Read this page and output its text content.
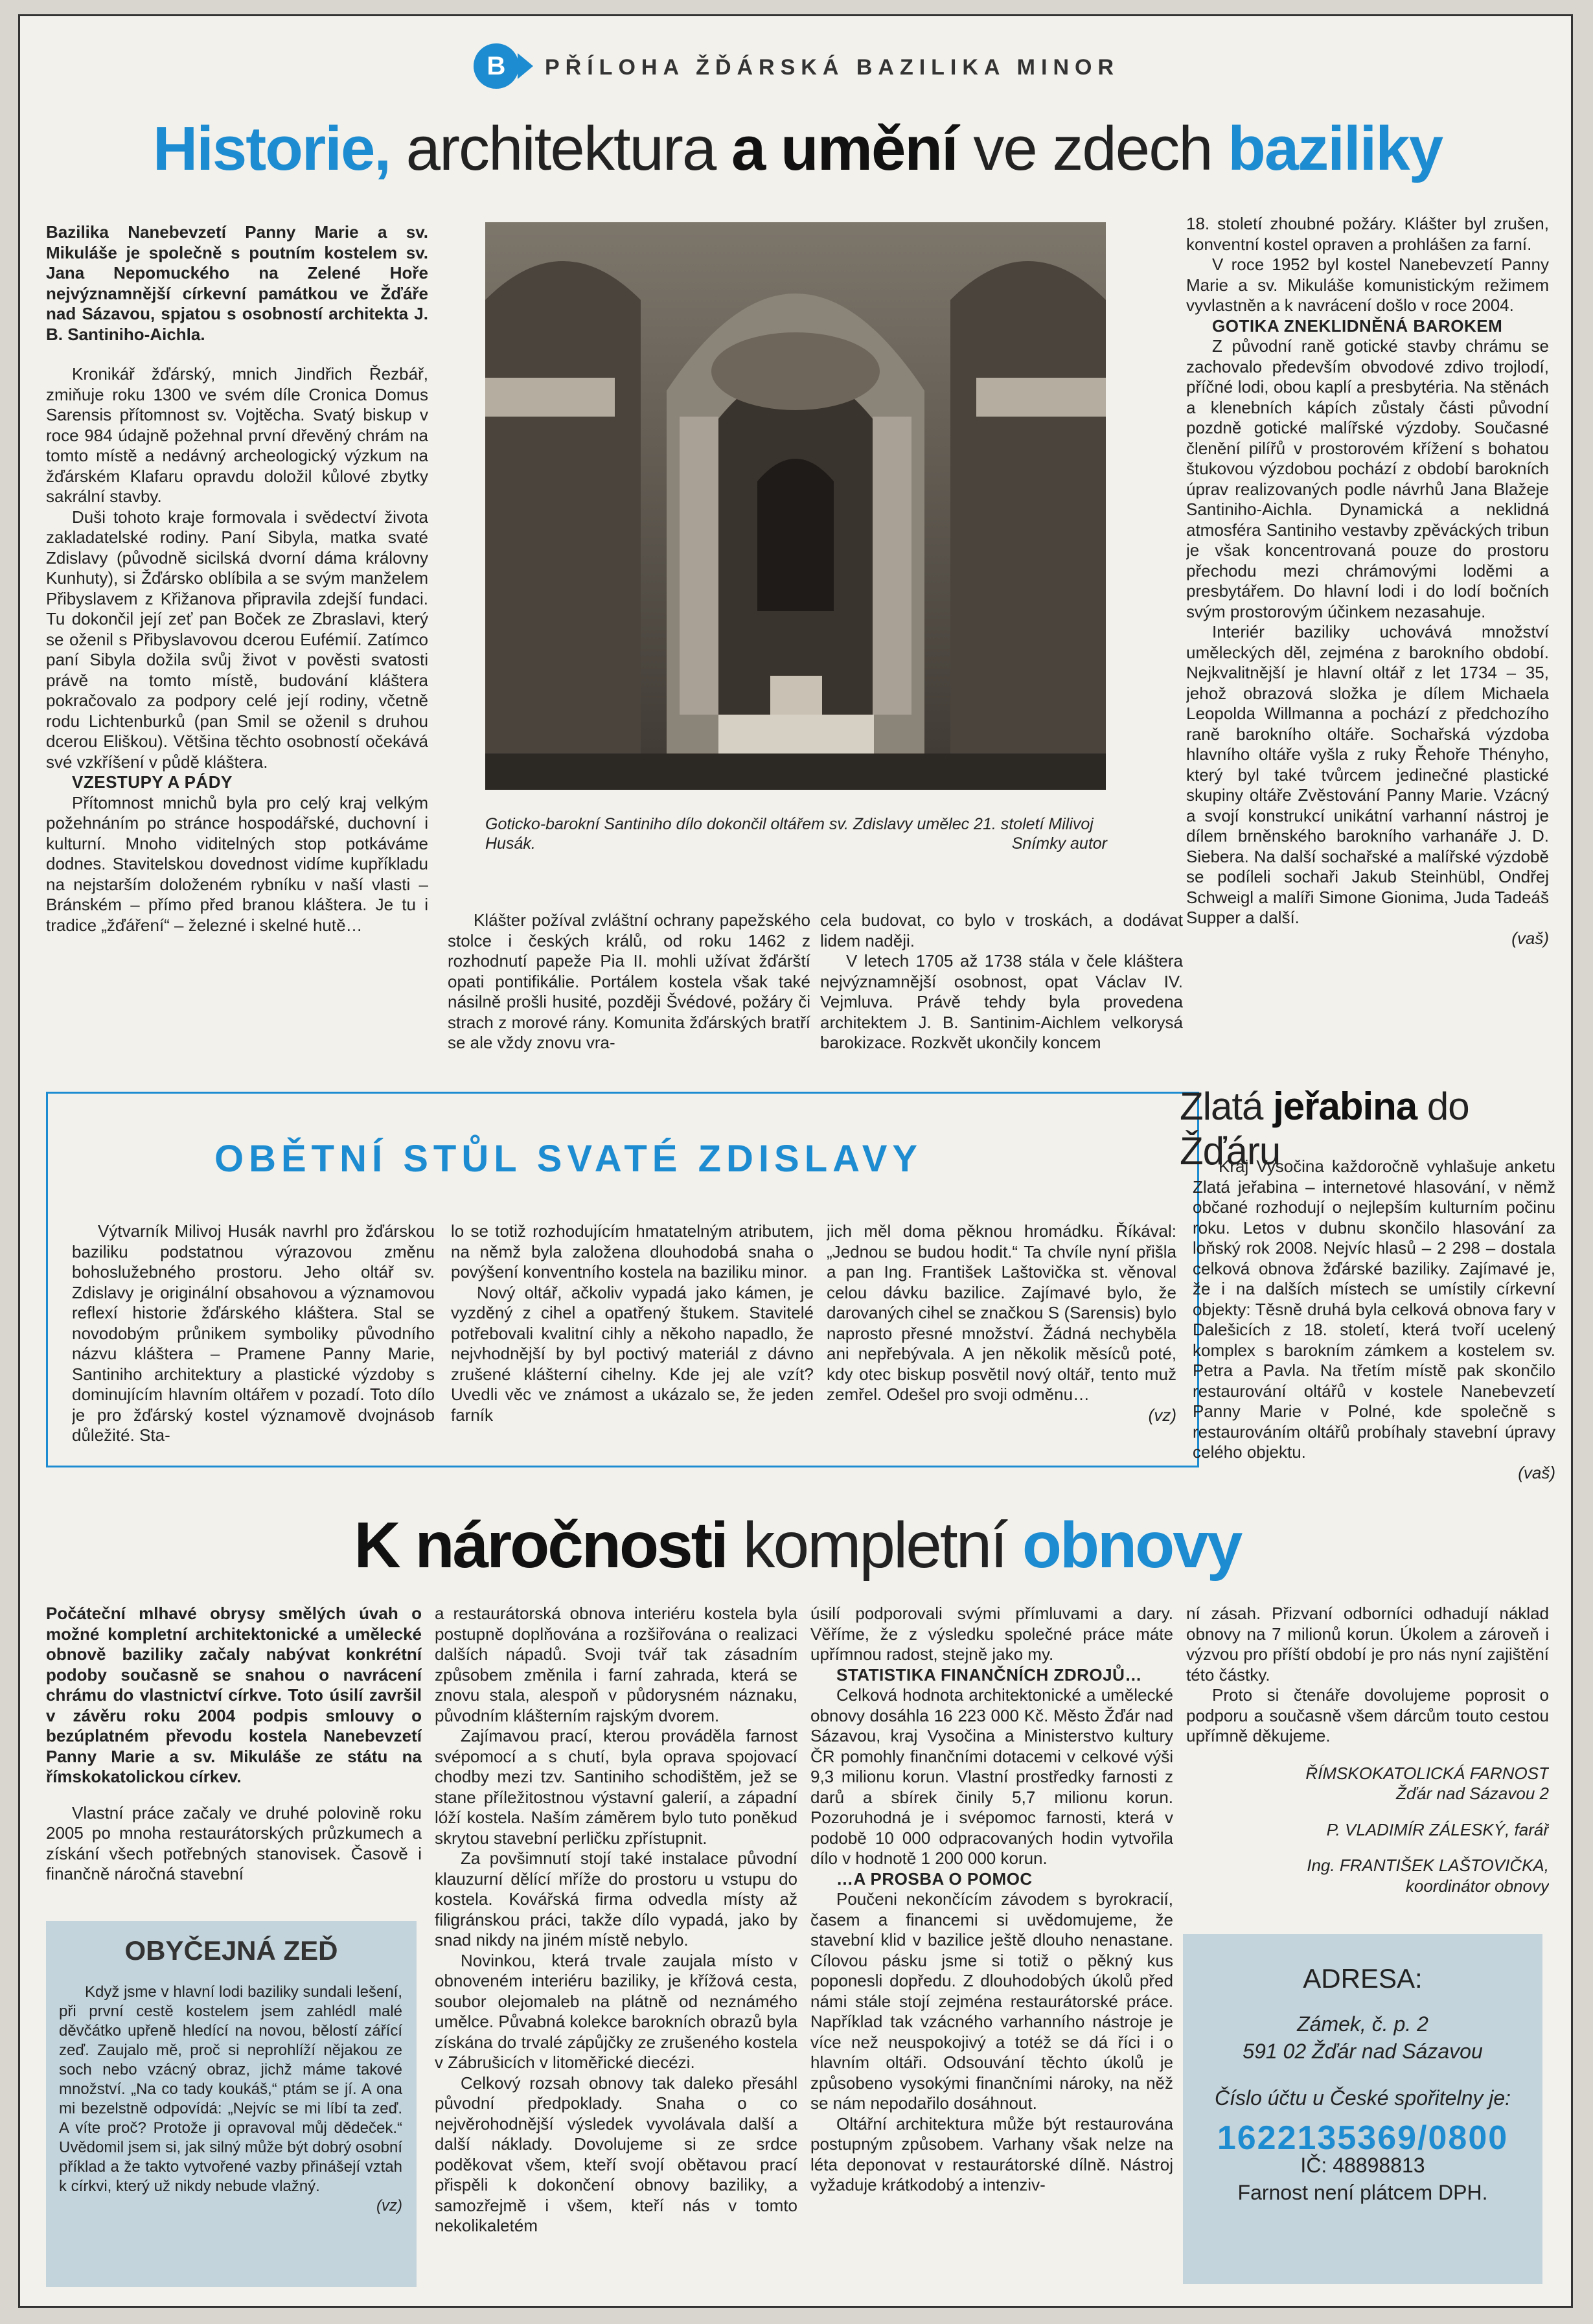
B	PŘÍLOHA ŽĎÁRSKÁ BAZILIKA MINOR
Historie, architektura a umění ve zdech baziliky

Bazilika Nanebevzetí Panny Marie a sv. Mikuláše je společně s poutním kostelem sv. Jana Nepomuckého na Zelené Hoře nejvýznamnější církevní památkou ve Žďáře nad Sázavou, spjatou s osobností architekta J. B. Santiniho-Aichla.

Kronikář žďárský, mnich Jindřich Řezbář, zmiňuje roku 1300 ve svém díle Cronica Domus Sarensis přítomnost sv. Vojtěcha. Svatý biskup v roce 984 údajně požehnal první dřevěný chrám na tomto místě a nedávný archeologický výzkum na žďárském Klafaru opravdu doložil kůlové zbytky sakrální stavby.

Duši tohoto kraje formovala i svědectví života zakladatelské rodiny. Paní Sibyla, matka svaté Zdislavy (původně sicilská dvorní dáma královny Kunhuty), si Žďársko oblíbila a se svým manželem Přibyslavem z Křižanova připravila zdejší fundaci. Tu dokončil její zeť pan Boček ze Zbraslavi, který se oženil s Přibyslavovou dcerou Eufémií. Zatímco paní Sibyla dožila svůj život v pověsti svatosti právě na tomto místě, budování kláštera pokračovalo za podpory celé její rodiny, včetně rodu Lichtenburků (pan Smil se oženil s druhou dcerou Eliškou). Většina těchto osobností očekává své vzkříšení v půdě kláštera.

VZESTUPY A PÁDY

Přítomnost mnichů byla pro celý kraj velkým požehnáním po stránce hospodářské, duchovní i kulturní. Mnoho viditelných stop potkáváme dodnes. Stavitelskou dovednost vidíme kupříkladu na nejstarším doloženém rybníku v naší vlasti – Bránském – přímo před branou kláštera. Je tu i tradice „žďáření“ – železné i skelné hutě…

Goticko-barokní Santiniho dílo dokončil oltářem sv. Zdislavy umělec 21. století Milivoj Husák.	Snímky autor

Klášter požíval zvláštní ochrany papežského stolce i českých králů, od roku 1462 z rozhodnutí papeže Pia II. mohli užívat žďárští opati pontifikálie. Portálem kostela však také násilně prošli husité, později Švédové, požáry či strach z morové rány. Komunita žďárských bratří se ale vždy znovu vra-

cela budovat, co bylo v troskách, a dodávat lidem naději.

V letech 1705 až 1738 stála v čele kláštera nejvýznamnější osobnost, opat Václav IV. Vejmluva. Právě tehdy byla provedena architektem J. B. Santinim-Aichlem velkorysá barokizace. Rozkvět ukončily koncem

18. století zhoubné požáry. Klášter byl zrušen, konventní kostel opraven a prohlášen za farní.

V roce 1952 byl kostel Nanebevzetí Panny Marie a sv. Mikuláše komunistickým režimem vyvlastněn a k navrácení došlo v roce 2004.

GOTIKA ZNEKLIDNĚNÁ BAROKEM

Z původní raně gotické stavby chrámu se zachovalo především obvodové zdivo trojlodí, příčné lodi, obou kaplí a presbytéria. Na stěnách a klenebních kápích zůstaly části původní pozdně gotické malířské výzdoby. Současné členění pilířů v prostorovém křížení s bohatou štukovou výzdobou pochází z období barokních úprav realizovaných podle návrhů Jana Blažeje Santiniho-Aichla. Dynamická a neklidná atmosféra Santiniho vestavby zpěváckých tribun je však koncentrovaná pouze do prostoru přechodu mezi chrámovými loděmi a presbytářem. Do hlavní lodi i do lodí bočních svým prostorovým účinkem nezasahuje.

Interiér baziliky uchovává množství uměleckých děl, zejména z barokního období. Nejkvalitnější je hlavní oltář z let 1734 – 35, jehož obrazová složka je dílem Michaela Leopolda Willmanna a pochází z předchozího raně barokního oltáře. Sochařská výzdoba hlavního oltáře vyšla z ruky Řehoře Thényho, který byl také tvůrcem jedinečné plastické skupiny oltáře Zvěstování Panny Marie. Vzácný a svojí konstrukcí unikátní varhanní nástroj je dílem brněnského barokního varhanáře J. D. Siebera. Na další sochařské a malířské výzdobě se podíleli sochaři Jakub Steinhübl, Ondřej Schweigl a malíři Simone Gionima, Juda Tadeáš Supper a další.

(vaš)

OBĚTNÍ STŮL SVATÉ ZDISLAVY

Výtvarník Milivoj Husák navrhl pro žďárskou baziliku podstatnou výrazovou změnu bohoslužebného prostoru. Jeho oltář sv. Zdislavy je originální obsahovou a významovou reflexí historie žďárského kláštera. Stal se novodobým průnikem symboliky původního názvu kláštera – Pramene Panny Marie, Santiniho architektury a plastické výzdoby s dominujícím hlavním oltářem v pozadí. Toto dílo je pro žďárský kostel významově dvojnásob důležité. Sta-

lo se totiž rozhodujícím hmatatelným atributem, na němž byla založena dlouhodobá snaha o povýšení konventního kostela na baziliku minor.

Nový oltář, ačkoliv vypadá jako kámen, je vyzděný z cihel a opatřený štukem. Stavitelé potřebovali kvalitní cihly a někoho napadlo, že nejvhodnější by byl poctivý materiál z dávno zrušené klášterní cihelny. Kde jej ale vzít? Uvedli věc ve známost a ukázalo se, že jeden farník

jich měl doma pěknou hromádku. Říkával: „Jednou se budou hodit.“ Ta chvíle nyní přišla a pan Ing. František Laštovička st. věnoval celou dávku bazilice. Zajímavé bylo, že darovaných cihel se značkou S (Sarensis) bylo naprosto přesné množství. Žádná nechyběla ani nepřebývala. A jen několik měsíců poté, kdy otec biskup posvětil nový oltář, tento muž zemřel. Odešel pro svoji odměnu…

(vz)

Zlatá jeřabina do Žďáru

Kraj Vysočina každoročně vyhlašuje anketu Zlatá jeřabina – internetové hlasování, v němž občané rozhodují o nejlepším kulturním počinu roku. Letos v dubnu skončilo hlasování za loňský rok 2008. Nejvíc hlasů – 2 298 – dostala celková obnova žďárské baziliky. Zajímavé je, že i na dalších místech se umístily církevní objekty: Těsně druhá byla celková obnova fary v Dalešicích z 18. století, která tvoří ucelený komplex s barokním zámkem a kostelem sv. Petra a Pavla. Na třetím místě pak skončilo restaurování oltářů v kostele Nanebevzetí Panny Marie v Polné, kde společně s restaurováním oltářů probíhaly stavební úpravy celého objektu.

(vaš)

K náročnosti kompletní obnovy

Počáteční mlhavé obrysy smělých úvah o možné kompletní architektonické a umělecké obnově baziliky začaly nabývat konkrétní podoby současně se snahou o navrácení chrámu do vlastnictví církve. Toto úsilí završil v závěru roku 2004 podpis smlouvy o bezúplatném převodu kostela Nanebevzetí Panny Marie a sv. Mikuláše ze státu na římskokatolickou církev.

Vlastní práce začaly ve druhé polovině roku 2005 po mnoha restaurátorských průzkumech a získání všech potřebných stanovisek. Časově i finančně náročná stavební

OBYČEJNÁ ZEĎ

Když jsme v hlavní lodi baziliky sundali lešení, při první cestě kostelem jsem zahlédl malé děvčátko upřeně hledící na novou, bělostí zářící zeď. Zaujalo mě, proč si neprohlíží nějakou ze soch nebo vzácný obraz, jichž máme takové množství. „Na co tady koukáš,“ ptám se jí. A ona mi bezelstně odpovídá: „Nejvíc se mi líbí ta zeď. A víte proč? Protože ji opravoval můj dědeček.“ Uvědomil jsem si, jak silný může být dobrý osobní příklad a že takto vytvořené vazby přinášejí vztah k církvi, který už nikdy nebude vlažný.

(vz)

a restaurátorská obnova interiéru kostela byla postupně doplňována a rozšiřována o realizaci dalších nápadů. Svoji tvář tak zásadním způsobem změnila i farní zahrada, která se znovu stala, alespoň v půdorysném náznaku, původním klášterním rajským dvorem.

Zajímavou prací, kterou prováděla farnost svépomocí a s chutí, byla oprava spojovací chodby mezi tzv. Santiniho schodištěm, jež se stane příležitostnou výstavní galerií, a západní lóží kostela. Naším záměrem bylo tuto poněkud skrytou stavební perličku zpřístupnit.

Za povšimnutí stojí také instalace původní klauzurní dělící mříže do prostoru u vstupu do kostela. Kovářská firma odvedla místy až filigránskou práci, takže dílo vypadá, jako by snad nikdy na jiném místě nebylo.

Novinkou, která trvale zaujala místo v obnoveném interiéru baziliky, je křížová cesta, soubor olejomaleb na plátně od neznámého umělce. Půvabná kolekce barokních obrazů byla získána do trvalé zápůjčky ze zrušeného kostela v Zábrušicích v litoměřické diecézi.

Celkový rozsah obnovy tak daleko přesáhl původní předpoklady. Snaha o co nejvěrohodnější výsledek vyvolávala další a další náklady. Dovolujeme si ze srdce poděkovat všem, kteří svojí obětavou prací přispěli k dokončení obnovy baziliky, a samozřejmě i všem, kteří nás v tomto nekolikaletém

úsilí podporovali svými přímluvami a dary. Věříme, že z výsledku společné práce máte upřímnou radost, stejně jako my.

STATISTIKA FINANČNÍCH ZDROJŮ…

Celková hodnota architektonické a umělecké obnovy dosáhla 16 223 000 Kč. Město Žďár nad Sázavou, kraj Vysočina a Ministerstvo kultury ČR pomohly finančními dotacemi v celkové výši 9,3 milionu korun. Vlastní prostředky farnosti z darů a sbírek činily 5,7 milionu korun. Pozoruhodná je i svépomoc farnosti, která v podobě 10 000 odpracovaných hodin vytvořila dílo v hodnotě 1 200 000 korun.

…A PROSBA O POMOC

Poučeni nekončícím závodem s byrokracií, časem a financemi si uvědomujeme, že stavební klid v bazilice ještě dlouho nenastane. Cílovou pásku jsme si totiž o pěkný kus poponesli dopředu. Z dlouhodobých úkolů před námi stále stojí zejména restaurátorské práce. Například tak vzácného varhanního nástroje je více než neuspokojivý a totéž se dá říci i o hlavním oltáři. Odsouvání těchto úkolů je způsobeno vysokými finančními nároky, na něž se nám nepodařilo dosáhnout.

Oltářní architektura může být restaurována postupným způsobem. Varhany však nelze na léta deponovat v restaurátorské dílně. Nástroj vyžaduje krátkodobý a intenziv-

ní zásah. Přizvaní odborníci odhadují náklad obnovy na 7 milionů korun. Úkolem a zároveň i výzvou pro příští období je pro nás nyní zajištění této částky.

Proto si čtenáře dovolujeme poprosit o podporu a současně všem dárcům touto cestou upřímně děkujeme.

ŘÍMSKOKATOLICKÁ FARNOST

Žďár nad Sázavou 2

P. VLADIMÍR ZÁLESKÝ, farář

Ing. FRANTIŠEK LAŠTOVIČKA,

koordinátor obnovy

ADRESA:
Zámek, č. p. 2
591 02 Žďár nad Sázavou
Číslo účtu u České spořitelny je:
1622135369/0800
IČ: 48898813
Farnost není plátcem DPH.
